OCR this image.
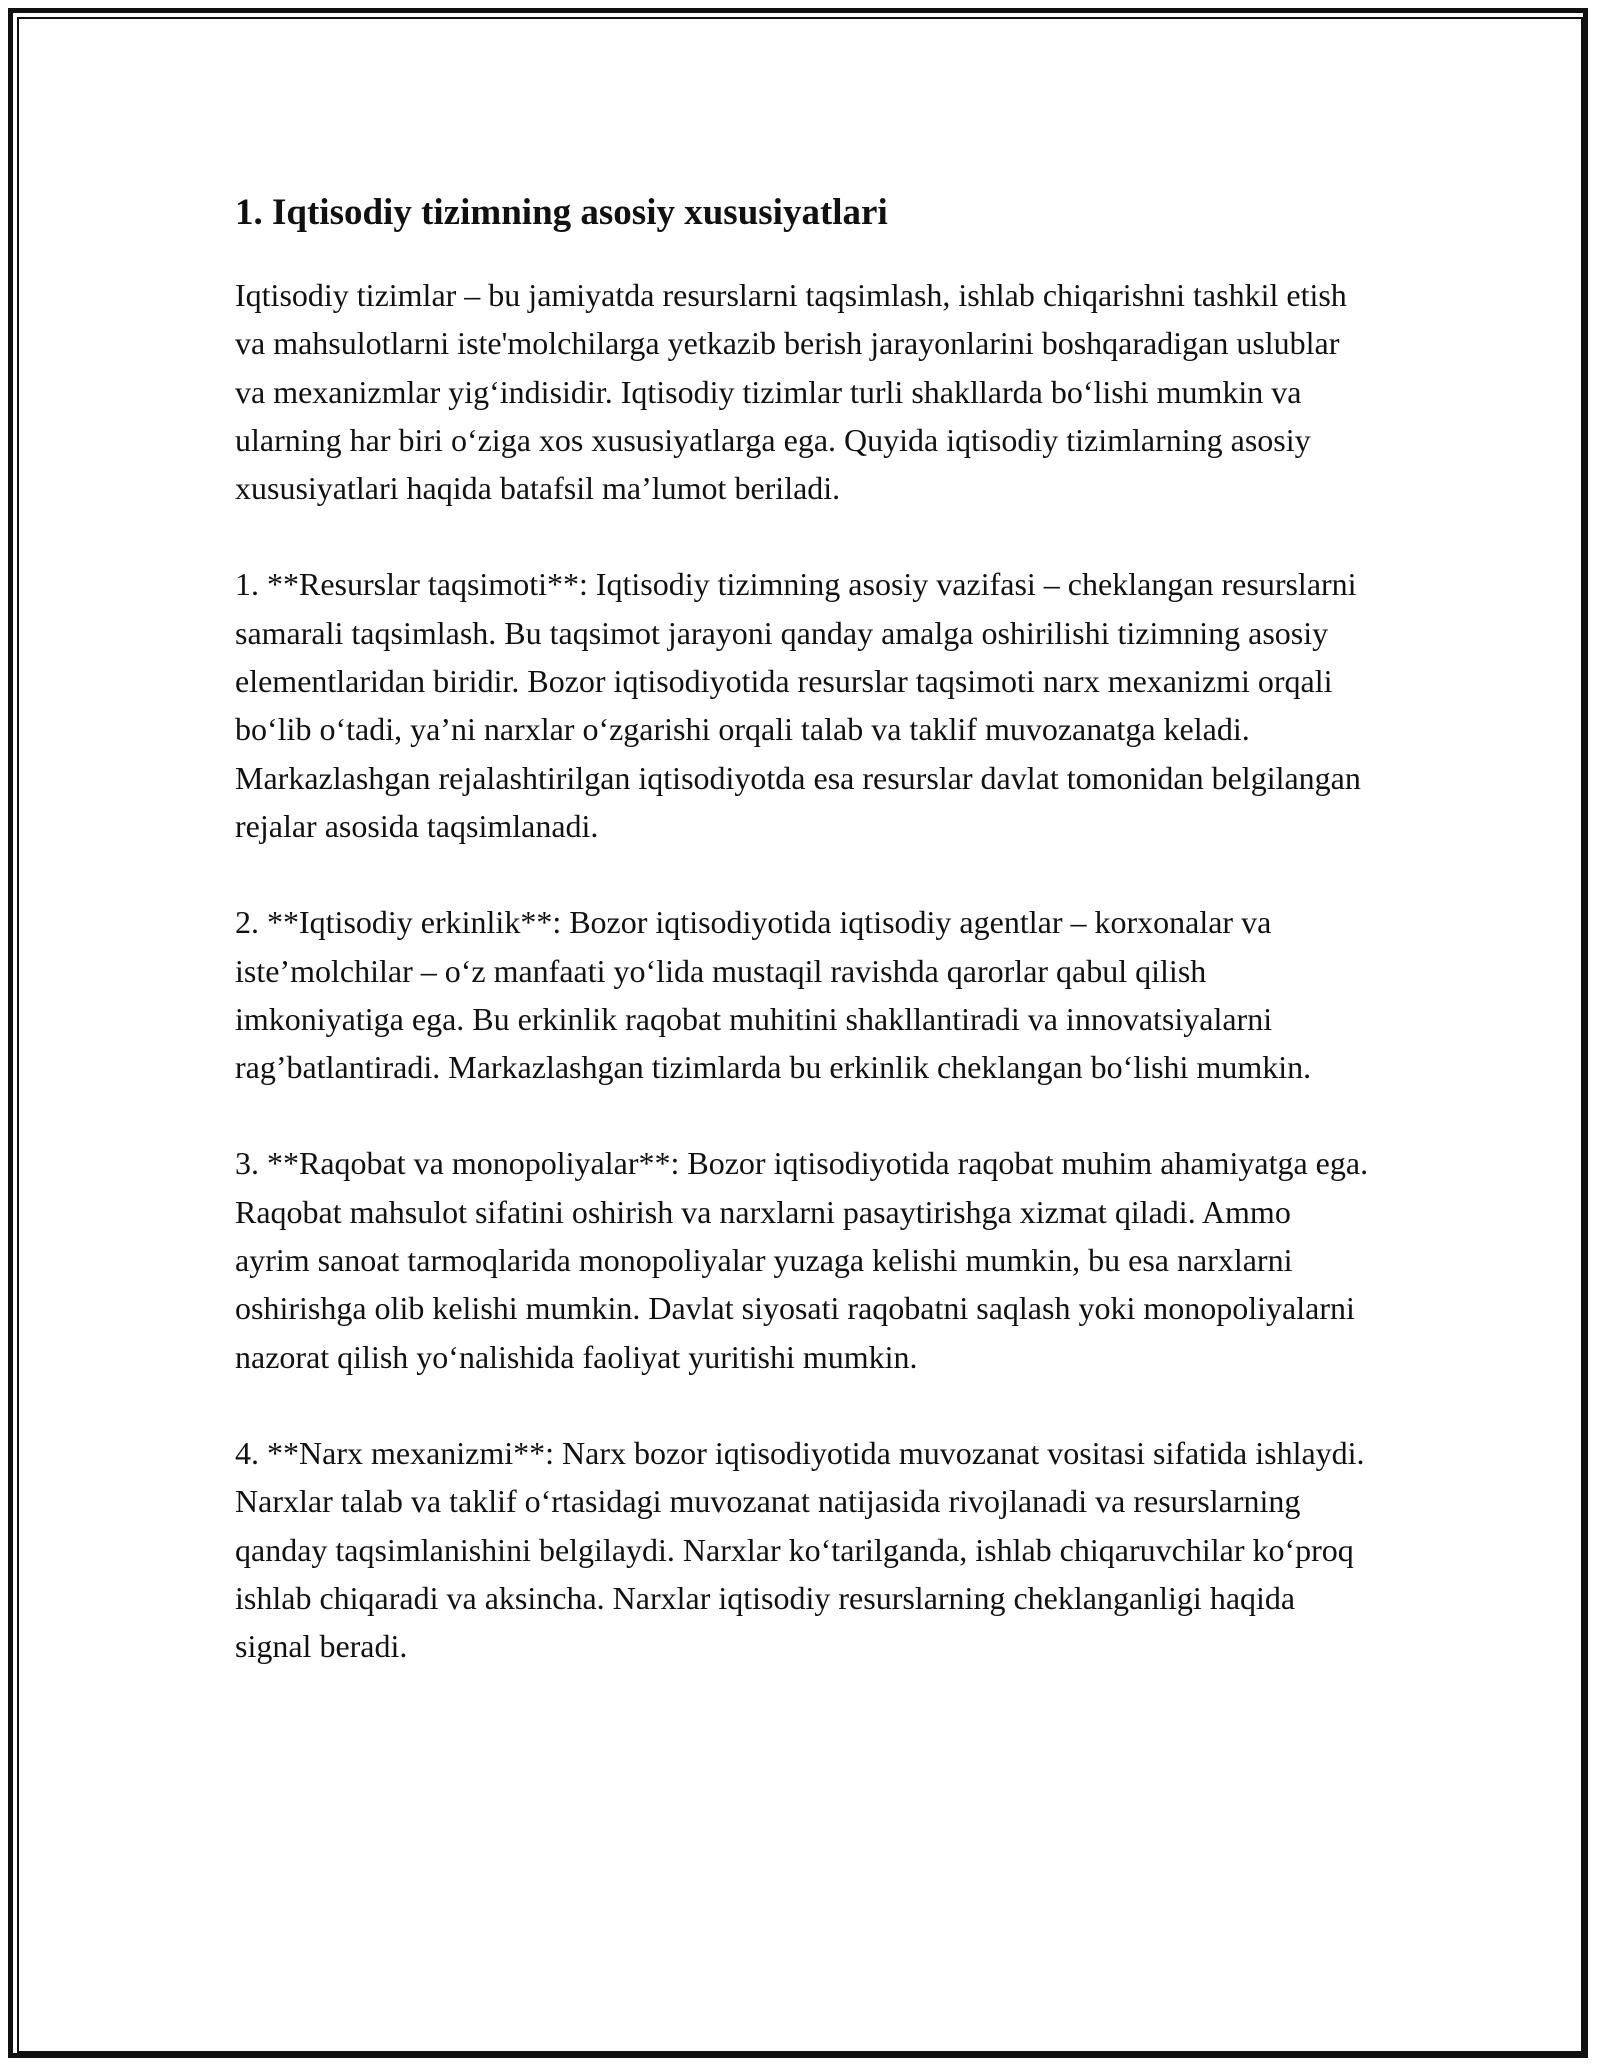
1. Iqtisodiy tizimning asosiy xususiyatlari

Iqtisodiy tizimlar – bu jamiyatda resurslarni taqsimlash, ishlab chiqarishni tashkil etish va mahsulotlarni iste'molchilarga yetkazib berish jarayonlarini boshqaradigan uslublar va mexanizmlar yig‘indisidir. Iqtisodiy tizimlar turli shakllarda bo‘lishi mumkin va ularning har biri o‘ziga xos xususiyatlarga ega. Quyida iqtisodiy tizimlarning asosiy xususiyatlari haqida batafsil ma’lumot beriladi.

1. **Resurslar taqsimoti**: Iqtisodiy tizimning asosiy vazifasi – cheklangan resurslarni samarali taqsimlash. Bu taqsimot jarayoni qanday amalga oshirilishi tizimning asosiy elementlaridan biridir. Bozor iqtisodiyotida resurslar taqsimoti narx mexanizmi orqali bo‘lib o‘tadi, ya’ni narxlar o‘zgarishi orqali talab va taklif muvozanatga keladi. Markazlashgan rejalashtirilgan iqtisodiyotda esa resurslar davlat tomonidan belgilangan rejalar asosida taqsimlanadi.

2. **Iqtisodiy erkinlik**: Bozor iqtisodiyotida iqtisodiy agentlar – korxonalar va iste’molchilar – o‘z manfaati yo‘lida mustaqil ravishda qarorlar qabul qilish imkoniyatiga ega. Bu erkinlik raqobat muhitini shakllantiradi va innovatsiyalarni rag’batlantiradi. Markazlashgan tizimlarda bu erkinlik cheklangan bo‘lishi mumkin.

3. **Raqobat va monopoliyalar**: Bozor iqtisodiyotida raqobat muhim ahamiyatga ega. Raqobat mahsulot sifatini oshirish va narxlarni pasaytirishga xizmat qiladi. Ammo ayrim sanoat tarmoqlarida monopoliyalar yuzaga kelishi mumkin, bu esa narxlarni oshirishga olib kelishi mumkin. Davlat siyosati raqobatni saqlash yoki monopoliyalarni nazorat qilish yo‘nalishida faoliyat yuritishi mumkin.

4. **Narx mexanizmi**: Narx bozor iqtisodiyotida muvozanat vositasi sifatida ishlaydi. Narxlar talab va taklif o‘rtasidagi muvozanat natijasida rivojlanadi va resurslarning qanday taqsimlanishini belgilaydi. Narxlar ko‘tarilganda, ishlab chiqaruvchilar ko‘proq ishlab chiqaradi va aksincha. Narxlar iqtisodiy resurslarning cheklanganligi haqida signal beradi.
